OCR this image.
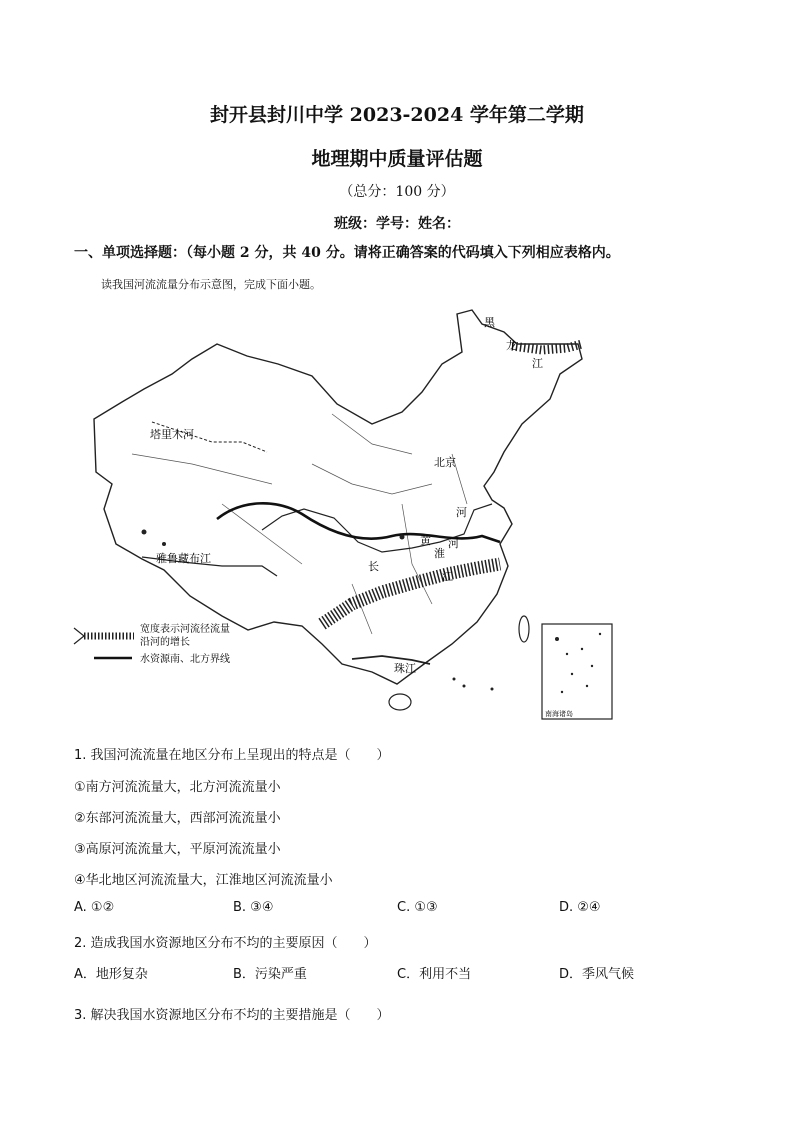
封开县封川中学 2023-2024 学年第二学期
地理期中质量评估题
（总分：100 分）
班级：学号：姓名：
一、单项选择题：（每小题 2 分，共 40 分。请将正确答案的代码填入下列相应表格内。
读我国河流流量分布示意图，完成下面小题。
南海诸岛
黑
龙
江
塔里木河
北京
河
黄
淮
河
雅鲁藏布江
长
江
珠江
宽度表示河流径流量
沿河的增长
水资源南、北方界线
1. 我国河流流量在地区分布上呈现出的特点是（　　）
①南方河流流量大，北方河流流量小
②东部河流流量大，西部河流流量小
③高原河流流量大，平原河流流量小
④华北地区河流流量大，江淮地区河流流量小
A. ①②	B. ③④	C. ①③	D. ②④
2. 造成我国水资源地区分布不均的主要原因（　　）
A．地形复杂	B．污染严重	C．利用不当	D．季风气候
3. 解决我国水资源地区分布不均的主要措施是（　　）
